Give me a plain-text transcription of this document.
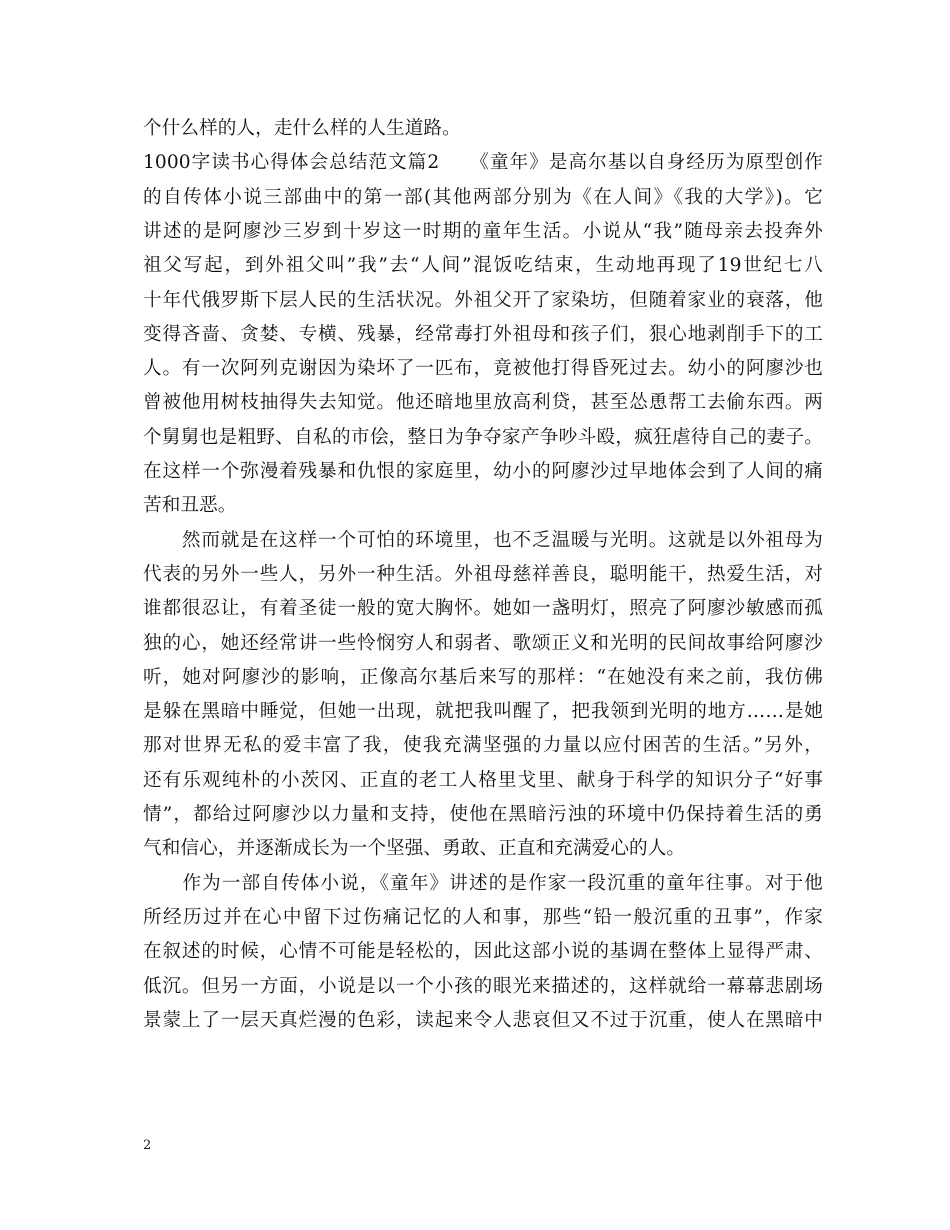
个什么样的人，走什么样的人生道路。
1000字读书心得体会总结范文篇2　　《童年》是高尔基以自身经历为原型创作
的自传体小说三部曲中的第一部(其他两部分别为《在人间》《我的大学》)。它
讲述的是阿廖沙三岁到十岁这一时期的童年生活。小说从“我”随母亲去投奔外
祖父写起，到外祖父叫”我”去“人间”混饭吃结束，生动地再现了19世纪七八
十年代俄罗斯下层人民的生活状况。外祖父开了家染坊，但随着家业的衰落，他
变得吝啬、贪婪、专横、残暴，经常毒打外祖母和孩子们，狠心地剥削手下的工
人。有一次阿列克谢因为染坏了一匹布，竟被他打得昏死过去。幼小的阿廖沙也
曾被他用树枝抽得失去知觉。他还暗地里放高利贷，甚至怂恿帮工去偷东西。两
个舅舅也是粗野、自私的市侩，整日为争夺家产争吵斗殴，疯狂虐待自己的妻子。
在这样一个弥漫着残暴和仇恨的家庭里，幼小的阿廖沙过早地体会到了人间的痛
苦和丑恶。
　　然而就是在这样一个可怕的环境里，也不乏温暖与光明。这就是以外祖母为
代表的另外一些人，另外一种生活。外祖母慈祥善良，聪明能干，热爱生活，对
谁都很忍让，有着圣徒一般的宽大胸怀。她如一盏明灯，照亮了阿廖沙敏感而孤
独的心，她还经常讲一些怜悯穷人和弱者、歌颂正义和光明的民间故事给阿廖沙
听，她对阿廖沙的影响，正像高尔基后来写的那样：“在她没有来之前，我仿佛
是躲在黑暗中睡觉，但她一出现，就把我叫醒了，把我领到光明的地方……是她
那对世界无私的爱丰富了我，使我充满坚强的力量以应付困苦的生活。”另外，
还有乐观纯朴的小茨冈、正直的老工人格里戈里、献身于科学的知识分子“好事
情”，都给过阿廖沙以力量和支持，使他在黑暗污浊的环境中仍保持着生活的勇
气和信心，并逐渐成长为一个坚强、勇敢、正直和充满爱心的人。
　　作为一部自传体小说，《童年》讲述的是作家一段沉重的童年往事。对于他
所经历过并在心中留下过伤痛记忆的人和事，那些“铅一般沉重的丑事”，作家
在叙述的时候，心情不可能是轻松的，因此这部小说的基调在整体上显得严肃、
低沉。但另一方面，小说是以一个小孩的眼光来描述的，这样就给一幕幕悲剧场
景蒙上了一层天真烂漫的色彩，读起来令人悲哀但又不过于沉重，使人在黑暗中
2
